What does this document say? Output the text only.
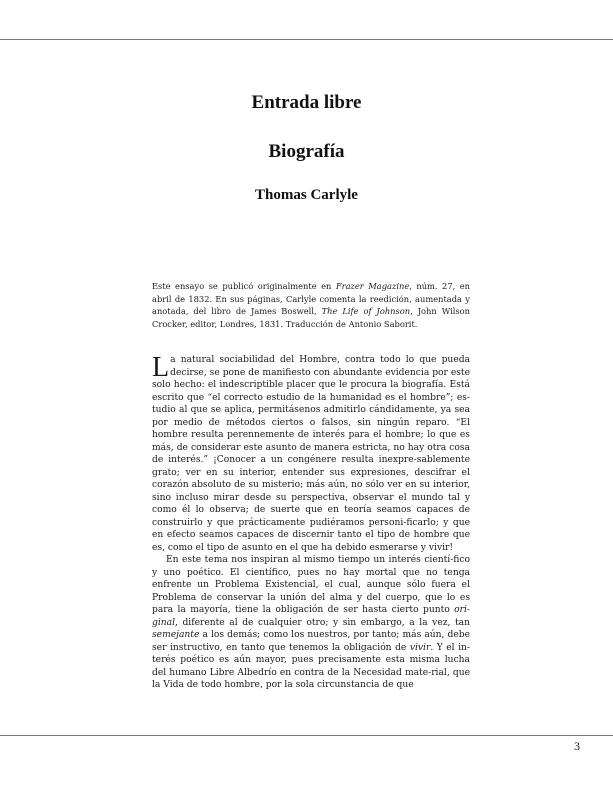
Entrada libre
Biografía
Thomas Carlyle

Este ensayo se publicó originalmente en Frazer Magazine, núm. 27, en abril de 1832. En sus páginas, Carlyle comenta la reedición, aumentada y anotada, del libro de James Boswell, The Life of Johnson, John Wilson Crocker, editor, Londres, 1831. Traducción de Antonio Saborit.

La natural sociabilidad del Hombre, contra todo lo que pueda decirse, se pone de manifiesto con abundante evidencia por este solo hecho: el indescriptible placer que le procura la biografía. Está escrito que “el correcto estudio de la humanidad es el hombre”; es-tudio al que se aplica, permitásenos admitirlo cándidamente, ya sea por medio de métodos ciertos o falsos, sin ningún reparo. “El hombre resulta perennemente de interés para el hombre; lo que es más, de considerar este asunto de manera estricta, no hay otra cosa de interés.” ¡Conocer a un congénere resulta inexpre-sablemente grato; ver en su interior, entender sus expresiones, descifrar el corazón absoluto de su misterio; más aún, no sólo ver en su interior, sino incluso mirar desde su perspectiva, observar el mundo tal y como él lo observa; de suerte que en teoría seamos capaces de construirlo y que prácticamente pudiéramos personi-ficarlo; y que en efecto seamos capaces de discernir tanto el tipo de hombre que es, como el tipo de asunto en el que ha debido esmerarse y vivir!

En este tema nos inspiran al mismo tiempo un interés cientí-fico y uno poético. El científico, pues no hay mortal que no tenga enfrente un Problema Existencial, el cual, aunque sólo fuera el Problema de conservar la unión del alma y del cuerpo, que lo es para la mayoría, tiene la obligación de ser hasta cierto punto ori-ginal, diferente al de cualquier otro; y sin embargo, a la vez, tan semejante a los demás; como los nuestros, por tanto; más aún, debe ser instructivo, en tanto que tenemos la obligación de vivir. Y el in-terés poético es aún mayor, pues precisamente esta misma lucha del humano Libre Albedrío en contra de la Necesidad mate-rial, que la Vida de todo hombre, por la sola circunstancia de que

3
